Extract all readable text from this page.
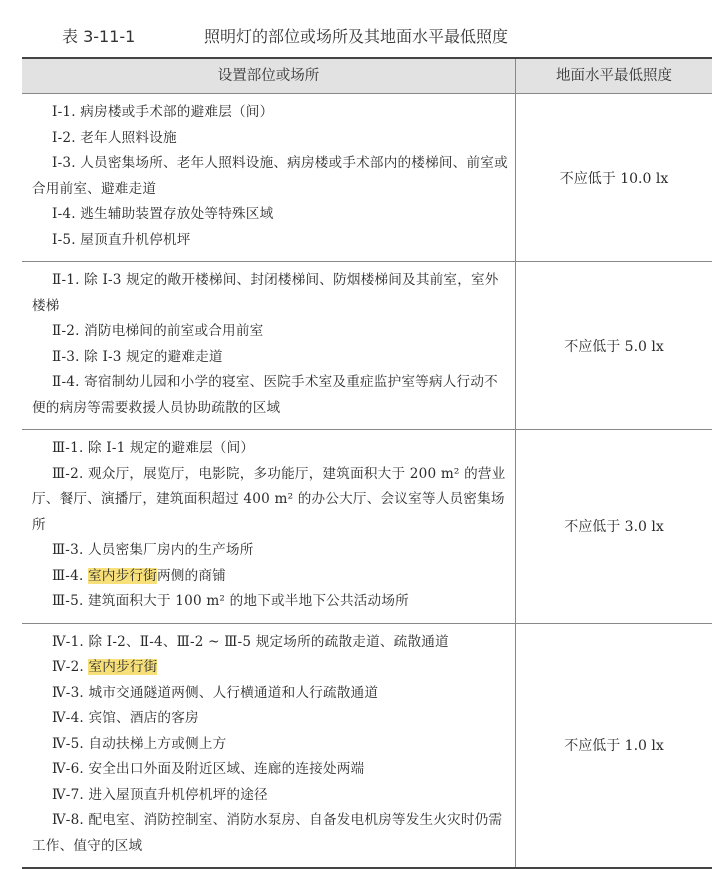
表 3-11-1	照明灯的部位或场所及其地面水平最低照度
设置部位或场所	地面水平最低照度
Ⅰ-1. 病房楼或手术部的避难层（间）
Ⅰ-2. 老年人照料设施
Ⅰ-3. 人员密集场所、老年人照料设施、病房楼或手术部内的楼梯间、前室或合用前室、避难走道
Ⅰ-4. 逃生辅助装置存放处等特殊区域
Ⅰ-5. 屋顶直升机停机坪
不应低于 10.0 lx
Ⅱ-1. 除 Ⅰ-3 规定的敞开楼梯间、封闭楼梯间、防烟楼梯间及其前室，室外楼梯
Ⅱ-2. 消防电梯间的前室或合用前室
Ⅱ-3. 除 Ⅰ-3 规定的避难走道
Ⅱ-4. 寄宿制幼儿园和小学的寝室、医院手术室及重症监护室等病人行动不便的病房等需要救援人员协助疏散的区域
不应低于 5.0 lx
Ⅲ-1. 除 Ⅰ-1 规定的避难层（间）
Ⅲ-2. 观众厅，展览厅，电影院，多功能厅，建筑面积大于 200 m² 的营业厅、餐厅、演播厅，建筑面积超过 400 m² 的办公大厅、会议室等人员密集场所
Ⅲ-3. 人员密集厂房内的生产场所
Ⅲ-4. 室内步行街两侧的商铺
Ⅲ-5. 建筑面积大于 100 m² 的地下或半地下公共活动场所
不应低于 3.0 lx
Ⅳ-1. 除 Ⅰ-2、Ⅱ-4、Ⅲ-2 ~ Ⅲ-5 规定场所的疏散走道、疏散通道
Ⅳ-2. 室内步行街
Ⅳ-3. 城市交通隧道两侧、人行横通道和人行疏散通道
Ⅳ-4. 宾馆、酒店的客房
Ⅳ-5. 自动扶梯上方或侧上方
Ⅳ-6. 安全出口外面及附近区域、连廊的连接处两端
Ⅳ-7. 进入屋顶直升机停机坪的途径
Ⅳ-8. 配电室、消防控制室、消防水泵房、自备发电机房等发生火灾时仍需工作、值守的区域
不应低于 1.0 lx
